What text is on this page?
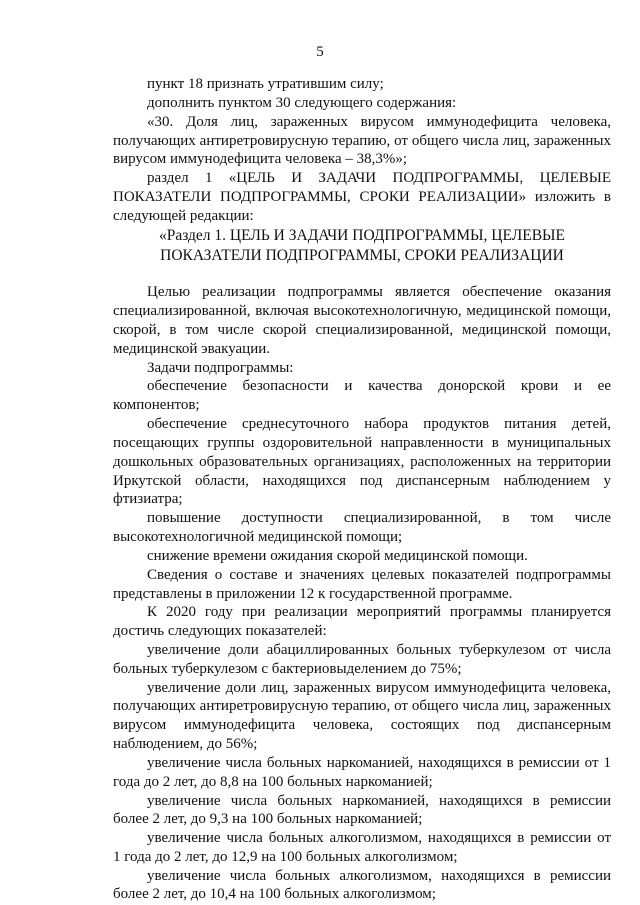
5
пункт 18 признать утратившим силу;
дополнить пунктом 30 следующего содержания:
«30. Доля лиц, зараженных вирусом иммунодефицита человека,
получающих антиретровирусную терапию, от общего числа лиц, зараженных
вирусом иммунодефицита человека – 38,3%»;
раздел 1 «ЦЕЛЬ И ЗАДАЧИ ПОДПРОГРАММЫ, ЦЕЛЕВЫЕ
ПОКАЗАТЕЛИ ПОДПРОГРАММЫ, СРОКИ РЕАЛИЗАЦИИ» изложить в
следующей редакции:
«Раздел 1. ЦЕЛЬ И ЗАДАЧИ ПОДПРОГРАММЫ, ЦЕЛЕВЫЕ
ПОКАЗАТЕЛИ ПОДПРОГРАММЫ, СРОКИ РЕАЛИЗАЦИИ
Целью реализации подпрограммы является обеспечение оказания
специализированной, включая высокотехнологичную, медицинской помощи,
скорой, в том числе скорой специализированной, медицинской помощи,
медицинской эвакуации.
Задачи подпрограммы:
обеспечение безопасности и качества донорской крови и ее
компонентов;
обеспечение среднесуточного набора продуктов питания детей,
посещающих группы оздоровительной направленности в муниципальных
дошкольных образовательных организациях, расположенных на территории
Иркутской области, находящихся под диспансерным наблюдением у
фтизиатра;
повышение доступности специализированной, в том числе
высокотехнологичной медицинской помощи;
снижение времени ожидания скорой медицинской помощи.
Сведения о составе и значениях целевых показателей подпрограммы
представлены в приложении 12 к государственной программе.
К 2020 году при реализации мероприятий программы планируется
достичь следующих показателей:
увеличение доли абациллированных больных туберкулезом от числа
больных туберкулезом с бактериовыделением до 75%;
увеличение доли лиц, зараженных вирусом иммунодефицита человека,
получающих антиретровирусную терапию, от общего числа лиц, зараженных
вирусом иммунодефицита человека, состоящих под диспансерным
наблюдением, до 56%;
увеличение числа больных наркоманией, находящихся в ремиссии от 1
года до 2 лет, до 8,8 на 100 больных наркоманией;
увеличение числа больных наркоманией, находящихся в ремиссии
более 2 лет, до 9,3 на 100 больных наркоманией;
увеличение числа больных алкоголизмом, находящихся в ремиссии от
1 года до 2 лет, до 12,9 на 100 больных алкоголизмом;
увеличение числа больных алкоголизмом, находящихся в ремиссии
более 2 лет, до 10,4 на 100 больных алкоголизмом;
